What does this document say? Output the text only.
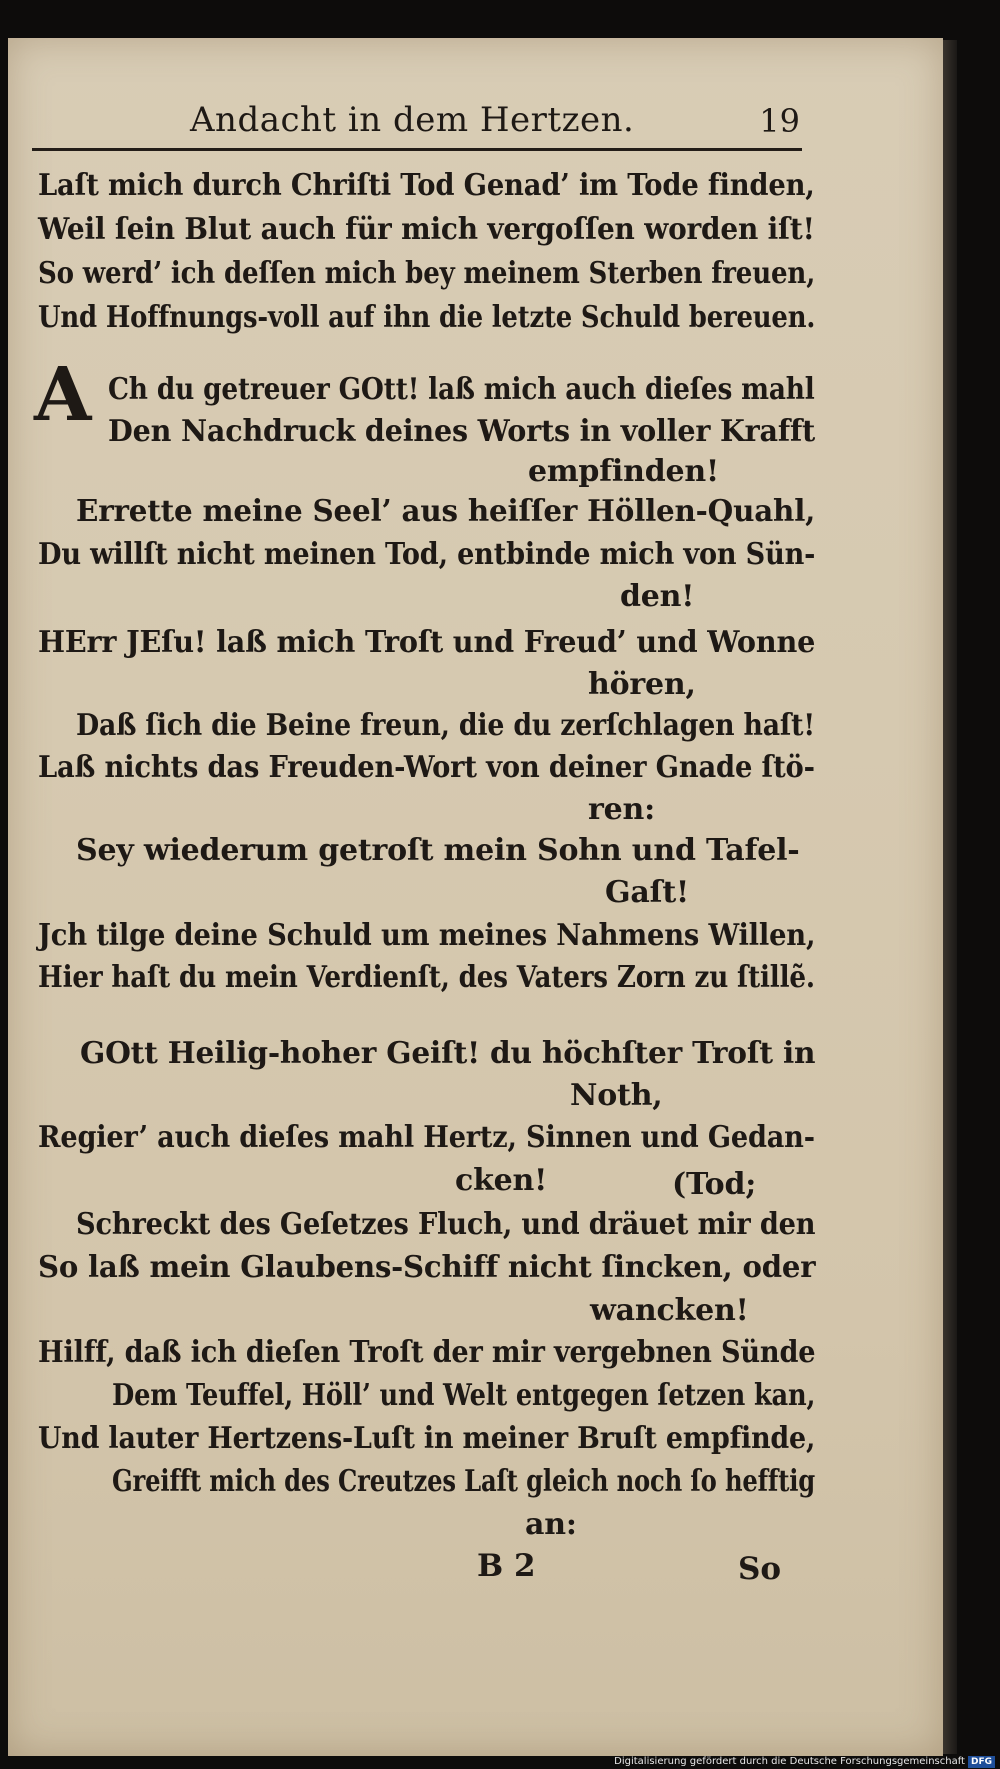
Andacht in dem Hertzen.	19
Laſt mich durch Chriſti Tod Genad’ im Tode finden,
Weil ſein Blut auch für mich vergoſſen worden iſt!
So werd’ ich deſſen mich bey meinem Sterben freuen,
Und Hoffnungs-voll auf ihn die letzte Schuld bereuen.
A Ch du getreuer GOtt! laß mich auch dieſes mahl
Den Nachdruck deines Worts in voller Krafft
empfinden!
Errette meine Seel’ aus heiſſer Höllen-Quahl,
Du willſt nicht meinen Tod, entbinde mich von Sün-
den!
HErr JEſu! laß mich Troſt und Freud’ und Wonne
hören,
Daß ſich die Beine freun, die du zerſchlagen haſt!
Laß nichts das Freuden-Wort von deiner Gnade ſtö-
ren:
Sey wiederum getroſt mein Sohn und Tafel-
Gaſt!
Jch tilge deine Schuld um meines Nahmens Willen,
Hier haſt du mein Verdienſt, des Vaters Zorn zu ſtillẽ.
GOtt Heilig-hoher Geiſt! du höchſter Troſt in
Noth,
Regier’ auch dieſes mahl Hertz, Sinnen und Gedan-
cken!	(Tod;
Schreckt des Geſetzes Fluch, und dräuet mir den
So laß mein Glaubens-Schiff nicht ſincken, oder
wancken!
Hilff, daß ich dieſen Troſt der mir vergebnen Sünde
Dem Teuffel, Höll’ und Welt entgegen ſetzen kan,
Und lauter Hertzens-Luſt in meiner Bruſt empfinde,
Greifft mich des Creutzes Laſt gleich noch ſo hefftig
an:
B 2	So
Digitalisierung gefördert durch die Deutsche Forschungsgemeinschaft DFG
